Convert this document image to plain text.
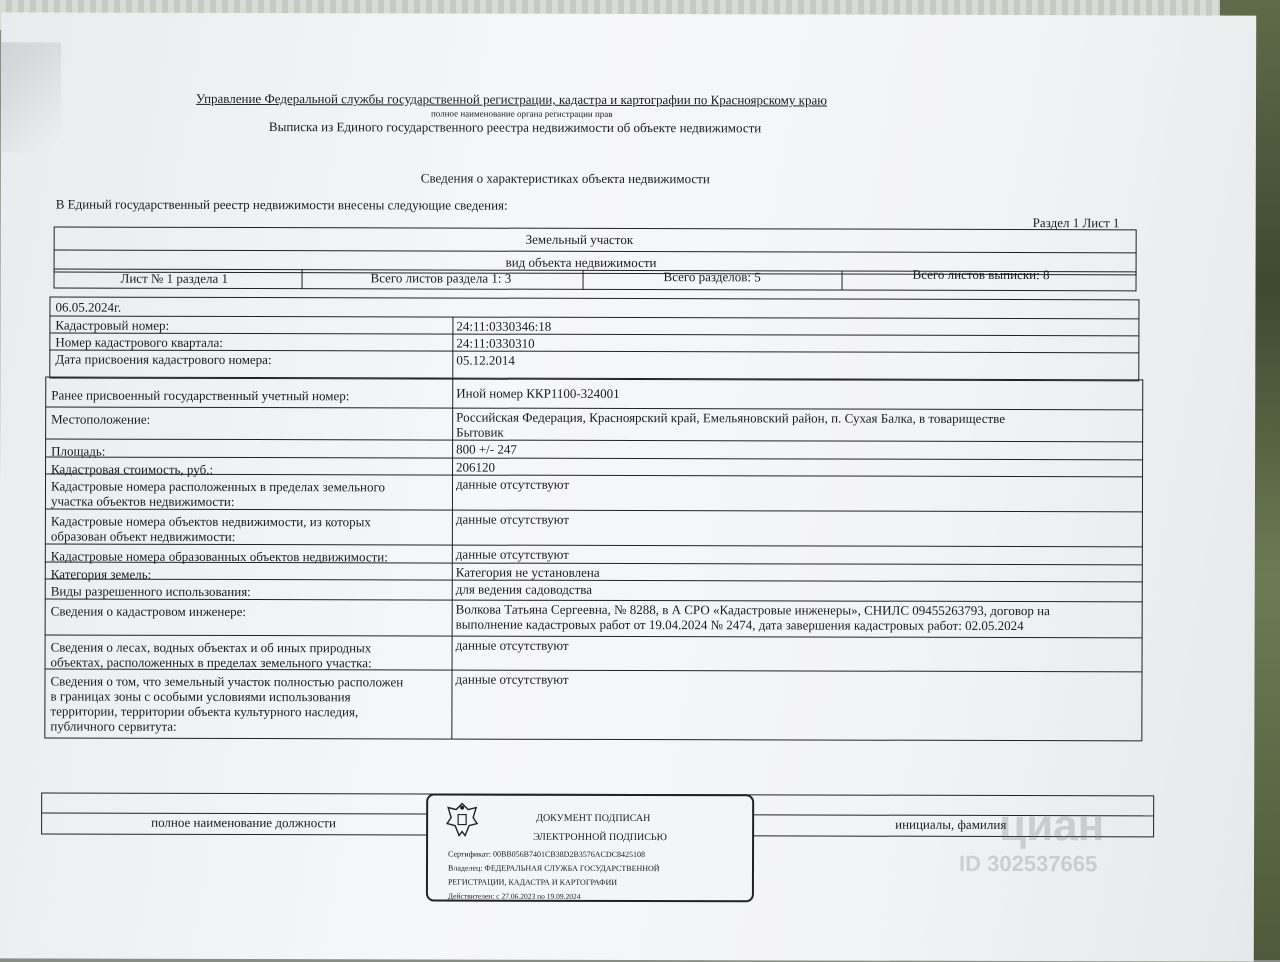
Управление Федеральной службы государственной регистрации, кадастра и картографии по Красноярскому краю
полное наименование органа регистрации прав
Выписка из Единого государственного реестра недвижимости об объекте недвижимости
Сведения о характеристиках объекта недвижимости
В Единый государственный реестр недвижимости внесены следующие сведения:
Раздел 1 Лист 1
Земельный участок
вид объекта недвижимости
Лист № 1 раздела 1	Всего листов раздела 1: 3	Всего разделов: 5	Всего листов выписки: 8
06.05.2024г.
Кадастровый номер:	24:11:0330346:18
Номер кадастрового квартала:	24:11:0330310
Дата присвоения кадастрового номера:	05.12.2014
Ранее присвоенный государственный учетный номер:	Иной номер ККР1100-324001
Местоположение:	Российская Федерация, Красноярский край, Емельяновский район, п. Сухая Балка, в товариществе
Бытовик
Площадь:	800 +/- 247
Кадастровая стоимость, руб.:	206120
Кадастровые номера расположенных в пределах земельного
участка объектов недвижимости:
данные отсутствуют
Кадастровые номера объектов недвижимости, из которых
образован объект недвижимости:
данные отсутствуют
Кадастровые номера образованных объектов недвижимости:	данные отсутствуют
Категория земель:	Категория не установлена
Виды разрешенного использования:	для ведения садоводства
Сведения о кадастровом инженере:	Волкова Татьяна Сергеевна, № 8288, в А СРО «Кадастровые инженеры», СНИЛС 09455263793, договор на
выполнение кадастровых работ от 19.04.2024 № 2474, дата завершения кадастровых работ: 02.05.2024
Сведения о лесах, водных объектах и об иных природных
объектах, расположенных в пределах земельного участка:
данные отсутствуют
Сведения о том, что земельный участок полностью расположен
в границах зоны с особыми условиями использования
территории, территории объекта культурного наследия,
публичного сервитута:
данные отсутствуют
полное наименование должности	инициалы, фамилия
ДОКУМЕНТ ПОДПИСАН
ЭЛЕКТРОННОЙ ПОДПИСЬЮ
Сертификат: 00BB056B7401CB38D2B3576ACDC8425108
Владелец: ФЕДЕРАЛЬНАЯ СЛУЖБА ГОСУДАРСТВЕННОЙ
РЕГИСТРАЦИИ, КАДАСТРА И КАРТОГРАФИИ
Действителен: с 27.06.2023 по 19.09.2024
циан
ID 302537665
